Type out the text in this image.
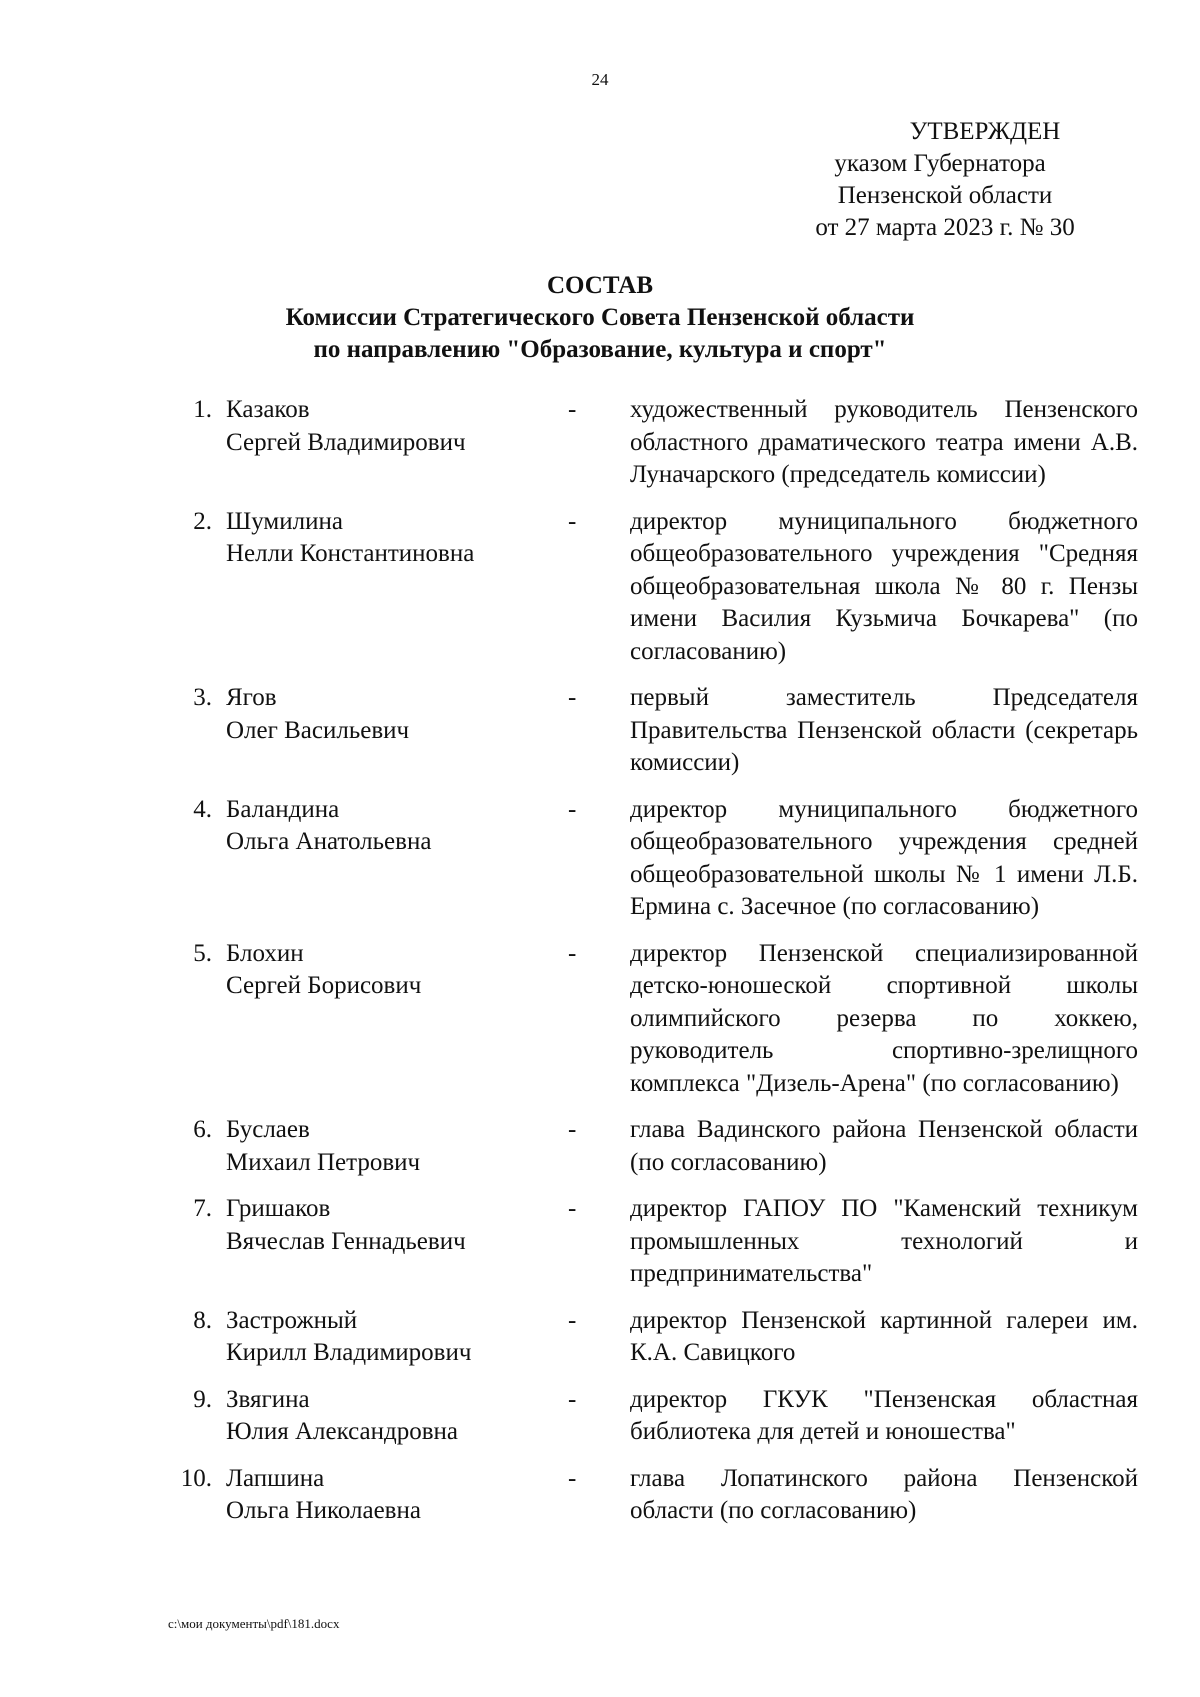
24
УТВЕРЖДЕН
указом Губернатора
Пензенской области
от 27 марта 2023 г. № 30
СОСТАВ
Комиссии Стратегического Совета Пензенской области
по направлению "Образование, культура и спорт"
1. Казаков
Сергей Владимирович
-	художественный руководитель Пензенского областного драматического театра имени А.В. Луначарского (председатель комиссии)
2. Шумилина
Нелли Константиновна
-	директор муниципального бюджетного общеобразовательного учреждения "Средняя общеобразовательная школа № 80 г. Пензы имени Василия Кузьмича Бочкарева" (по согласованию)
3. Ягов
Олег Васильевич
-	первый заместитель Председателя Правительства Пензенской области (секретарь комиссии)
4. Баландина
Ольга Анатольевна
-	директор муниципального бюджетного общеобразовательного учреждения средней общеобразовательной школы № 1 имени Л.Б. Ермина с. Засечное (по согласованию)
5. Блохин
Сергей Борисович
-	директор Пензенской специализированной детско-юношеской спортивной школы олимпийского резерва по хоккею, руководитель спортивно-зрелищного комплекса "Дизель-Арена" (по согласованию)
6. Буслаев
Михаил Петрович
-	глава Вадинского района Пензенской области (по согласованию)
7. Гришаков
Вячеслав Геннадьевич
-	директор ГАПОУ ПО "Каменский техникум промышленных технологий и предпринимательства"
8. Застрожный
Кирилл Владимирович
-	директор Пензенской картинной галереи им. К.А. Савицкого
9. Звягина
Юлия Александровна
-	директор ГКУК "Пензенская областная библиотека для детей и юношества"
10. Лапшина
Ольга Николаевна
-	глава Лопатинского района Пензенской области (по согласованию)
c:\мои документы\pdf\181.docx
